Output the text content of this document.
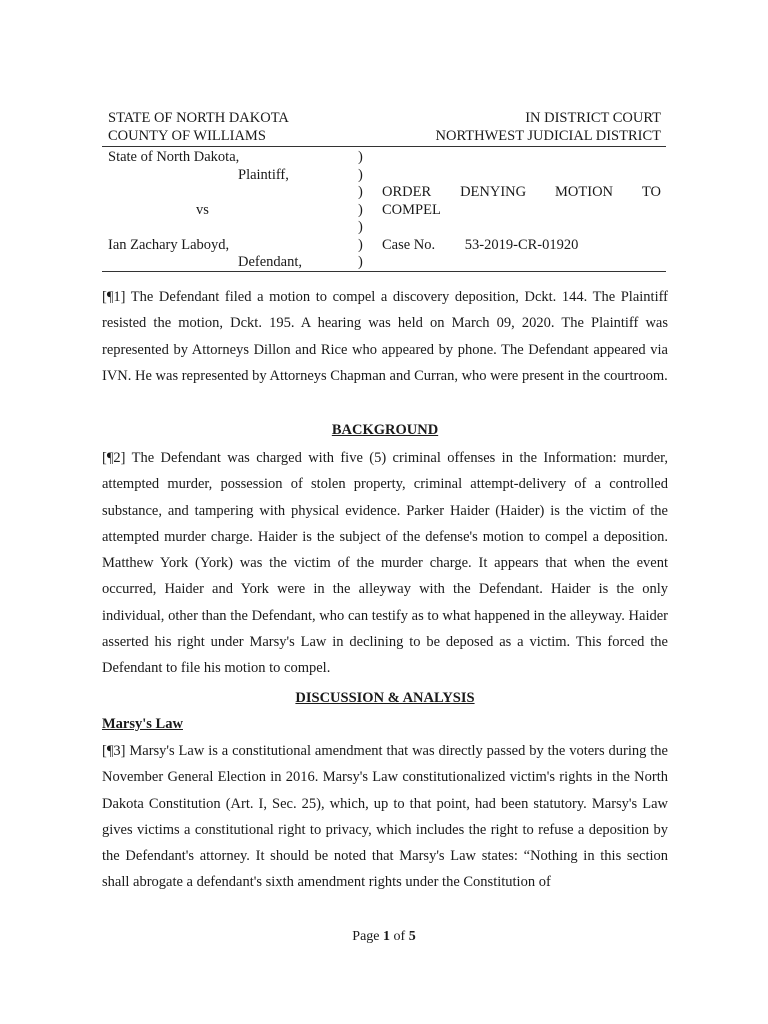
STATE OF NORTH DAKOTA	IN DISTRICT COURT
COUNTY OF WILLIAMS	NORTHWEST JUDICIAL DISTRICT
State of North Dakota,
Plaintiff,
vs
Ian Zachary Laboyd,
Defendant,
)
)
)
)
)
)
)
ORDER DENYING MOTION TO
COMPEL
Case No. 53-2019-CR-01920
[¶1] The Defendant filed a motion to compel a discovery deposition, Dckt. 144. The Plaintiff resisted the motion, Dckt. 195. A hearing was held on March 09, 2020. The Plaintiff was represented by Attorneys Dillon and Rice who appeared by phone. The Defendant appeared via IVN. He was represented by Attorneys Chapman and Curran, who were present in the courtroom.
BACKGROUND
[¶2] The Defendant was charged with five (5) criminal offenses in the Information: murder, attempted murder, possession of stolen property, criminal attempt-delivery of a controlled substance, and tampering with physical evidence. Parker Haider (Haider) is the victim of the attempted murder charge. Haider is the subject of the defense's motion to compel a deposition. Matthew York (York) was the victim of the murder charge. It appears that when the event occurred, Haider and York were in the alleyway with the Defendant. Haider is the only individual, other than the Defendant, who can testify as to what happened in the alleyway. Haider asserted his right under Marsy's Law in declining to be deposed as a victim. This forced the Defendant to file his motion to compel.
DISCUSSION & ANALYSIS
Marsy's Law
[¶3] Marsy's Law is a constitutional amendment that was directly passed by the voters during the November General Election in 2016. Marsy's Law constitutionalized victim's rights in the North Dakota Constitution (Art. I, Sec. 25), which, up to that point, had been statutory. Marsy's Law gives victims a constitutional right to privacy, which includes the right to refuse a deposition by the Defendant's attorney. It should be noted that Marsy's Law states: “Nothing in this section shall abrogate a defendant's sixth amendment rights under the Constitution of
Page 1 of 5
